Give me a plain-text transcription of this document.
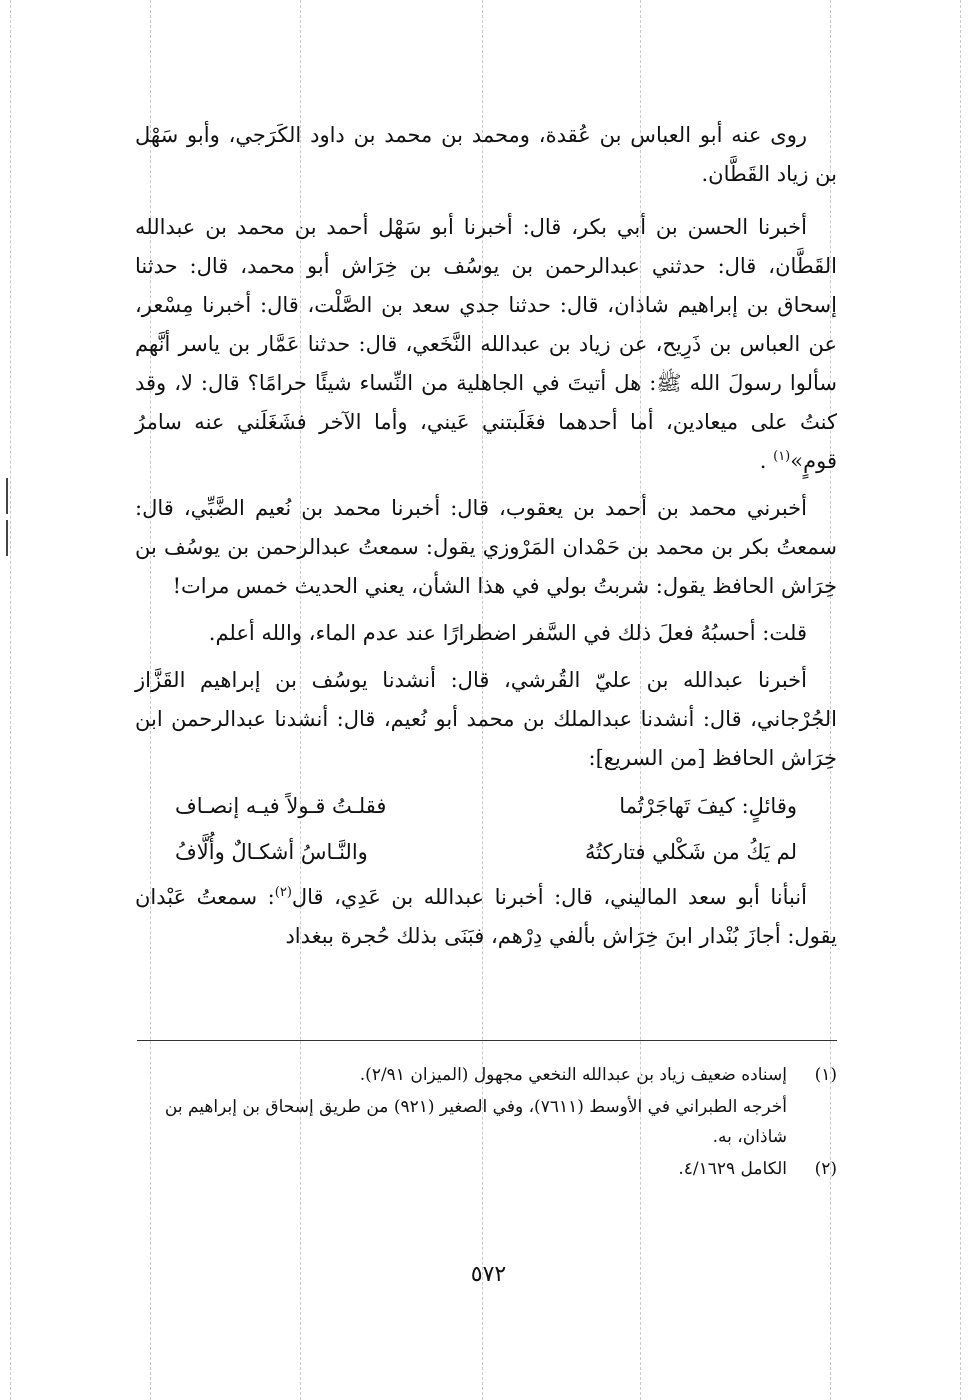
روى عنه أبو العباس بن عُقدة، ومحمد بن محمد بن داود الكَرَجي، وأبو سَهْل بن زياد القَطَّان.

أخبرنا الحسن بن أبي بكر، قال: أخبرنا أبو سَهْل أحمد بن محمد بن عبدالله القَطَّان، قال: حدثني عبدالرحمن بن يوسُف بن خِرَاش أبو محمد، قال: حدثنا إسحاق بن إبراهيم شاذان، قال: حدثنا جدي سعد بن الصَّلْت، قال: أخبرنا مِسْعر، عن العباس بن ذَرِيح، عن زياد بن عبدالله النَّخَعي، قال: حدثنا عَمَّار بن ياسر أنَّهم سألوا رسولَ الله ﷺ: هل أتيتَ في الجاهلية من النِّساء شيئًا حرامًا؟ قال: لا، وقد كنتُ على ميعادين، أما أحدهما فغَلَبتني عَيني، وأما الآخر فشَغَلَني عنه سامرُ قومٍ»$^{(١)}$ .

أخبرني محمد بن أحمد بن يعقوب، قال: أخبرنا محمد بن نُعيم الضَّبِّي، قال: سمعتُ بكر بن محمد بن حَمْدان المَرْوزي يقول: سمعتُ عبدالرحمن بن يوسُف بن خِرَاش الحافظ يقول: شربتُ بولي في هذا الشأن، يعني الحديث خمس مرات!

قلت: أحسبُهُ فعلَ ذلك في السَّفر اضطرارًا عند عدم الماء، والله أعلم.

أخبرنا عبدالله بن عليّ القُرشي، قال: أنشدنا يوسُف بن إبراهيم القَزَّاز الجُرْجاني، قال: أنشدنا عبدالملك بن محمد أبو نُعيم، قال: أنشدنا عبدالرحمن ابن خِرَاش الحافظ [من السريع]:

وقائلٍ: كيفَ تَهاجَرْتُما
فقلـتُ قـولاً فيـه إنصـاف
لم يَكُ من شَكْلي فتاركتُهُ
والنَّـاسُ أشكـالٌ وأُلَّافُ

أنبأنا أبو سعد الماليني، قال: أخبرنا عبدالله بن عَدِي، قال$^{(٢)}$: سمعتُ عَبْدان يقول: أجازَ بُنْدار ابنَ خِرَاش بألفي دِرْهم، فبَنَى بذلك حُجرة ببغداد

(١)
إسناده ضعيف زياد بن عبدالله النخعي مجهول (الميزان ٢/٩١).
أخرجه الطبراني في الأوسط (٧٦١١)، وفي الصغير (٩٢١) من طريق إسحاق بن إبراهيم بن شاذان، به.
(٢)
الكامل ٤/١٦٢٩.
٥٧٢
